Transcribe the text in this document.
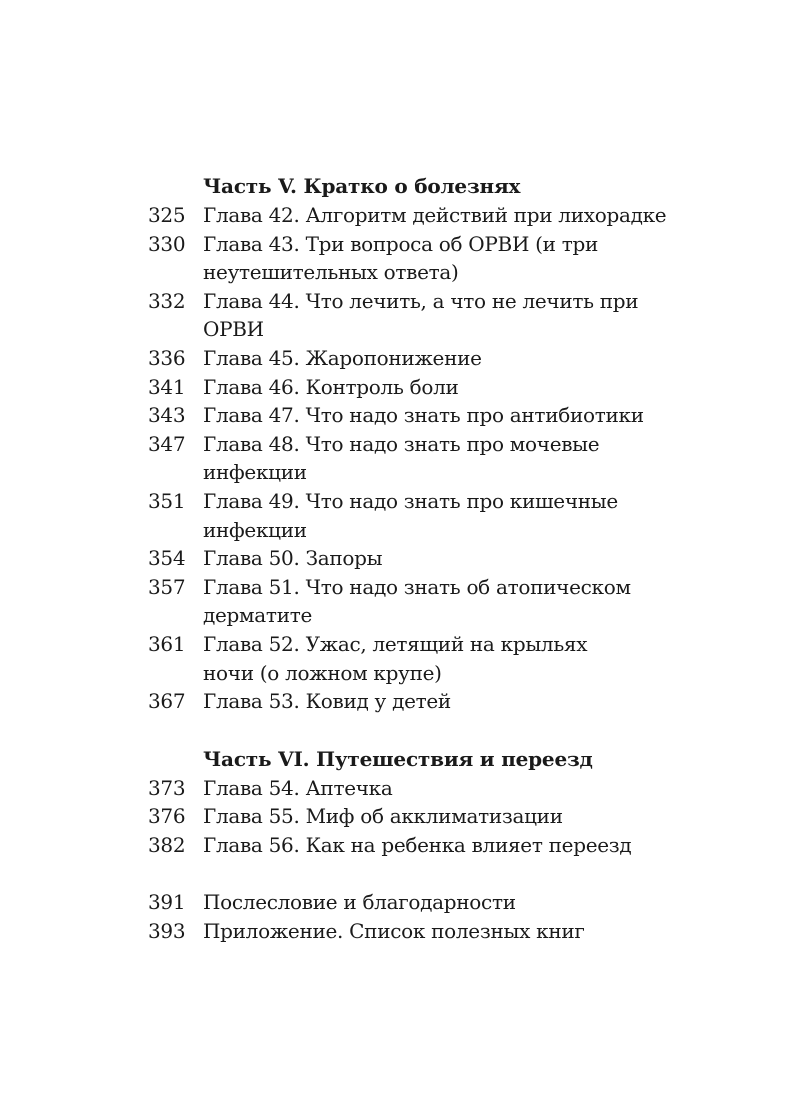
Часть V. Кратко о болезнях
325 Глава 42. Алгоритм действий при лихорадке
330 Глава 43. Три вопроса об ОРВИ (и три
неутешительных ответа)
332 Глава 44. Что лечить, а что не лечить при ОРВИ
336 Глава 45. Жаропонижение
341 Глава 46. Контроль боли
343 Глава 47. Что надо знать про антибиотики
347 Глава 48. Что надо знать про мочевые инфекции
351 Глава 49. Что надо знать про кишечные инфекции
354 Глава 50. Запоры
357 Глава 51. Что надо знать об атопическом дерматите
361 Глава 52. Ужас, летящий на крыльях
ночи (о ложном крупе)
367 Глава 53. Ковид у детей
Часть VI. Путешествия и переезд
373 Глава 54. Аптечка
376 Глава 55. Миф об акклиматизации
382 Глава 56. Как на ребенка влияет переезд
391 Послесловие и благодарности
393 Приложение. Список полезных книг
